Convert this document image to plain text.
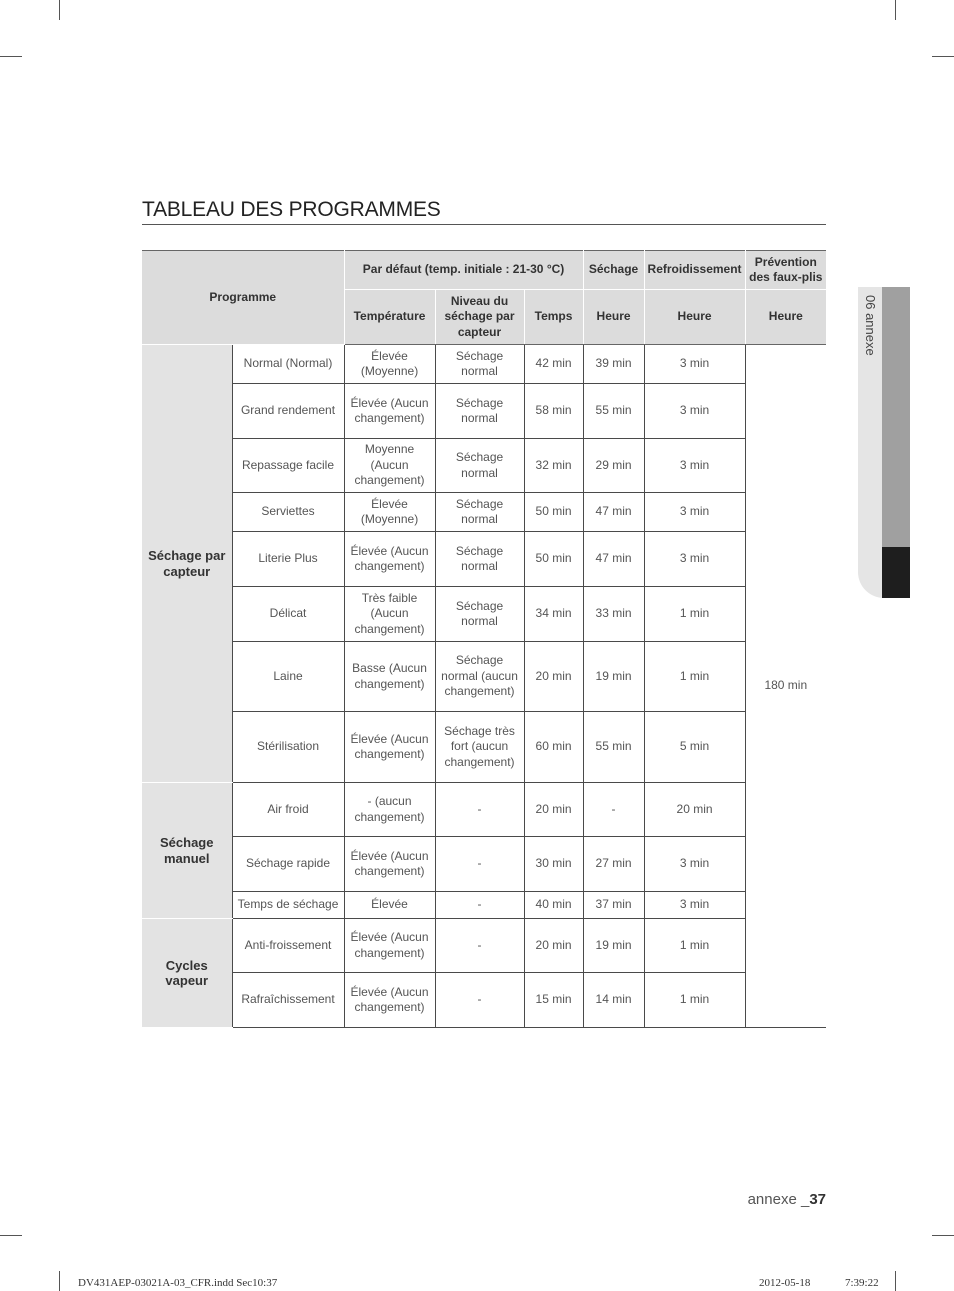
TABLEAU DES PROGRAMMES
06 annexe
Programme		Par défaut (temp. initiale : 21-30 °C)			Séchage	Refroidissement	Prévention des faux-plis
		Température	Niveau du séchage par capteur	Temps	Heure	Heure	Heure
Séchage par capteur	Normal (Normal)	Élevée (Moyenne)	Séchage normal	42 min	39 min	3 min	180 min
	Grand rendement	Élevée (Aucun changement)	Séchage normal	58 min	55 min	3 min	
	Repassage facile	Moyenne (Aucun changement)	Séchage normal	32 min	29 min	3 min	
	Serviettes	Élevée (Moyenne)	Séchage normal	50 min	47 min	3 min	
	Literie Plus	Élevée (Aucun changement)	Séchage normal	50 min	47 min	3 min	
	Délicat	Très faible (Aucun changement)	Séchage normal	34 min	33 min	1 min	
	Laine	Basse (Aucun changement)	Séchage normal (aucun changement)	20 min	19 min	1 min	
	Stérilisation	Élevée (Aucun changement)	Séchage très fort (aucun changement)	60 min	55 min	5 min	
Séchage manuel	Air froid	- (aucun changement)	-	20 min	-	20 min	
	Séchage rapide	Élevée (Aucun changement)	-	30 min	27 min	3 min	
	Temps de séchage	Élevée	-	40 min	37 min	3 min	
Cycles vapeur	Anti-froissement	Élevée (Aucun changement)	-	20 min	19 min	1 min	
	Rafraîchissement	Élevée (Aucun changement)	-	15 min	14 min	1 min	
annexe _37
DV431AEP-03021A-03_CFR.indd Sec10:37	2012-05-18	7:39:22
